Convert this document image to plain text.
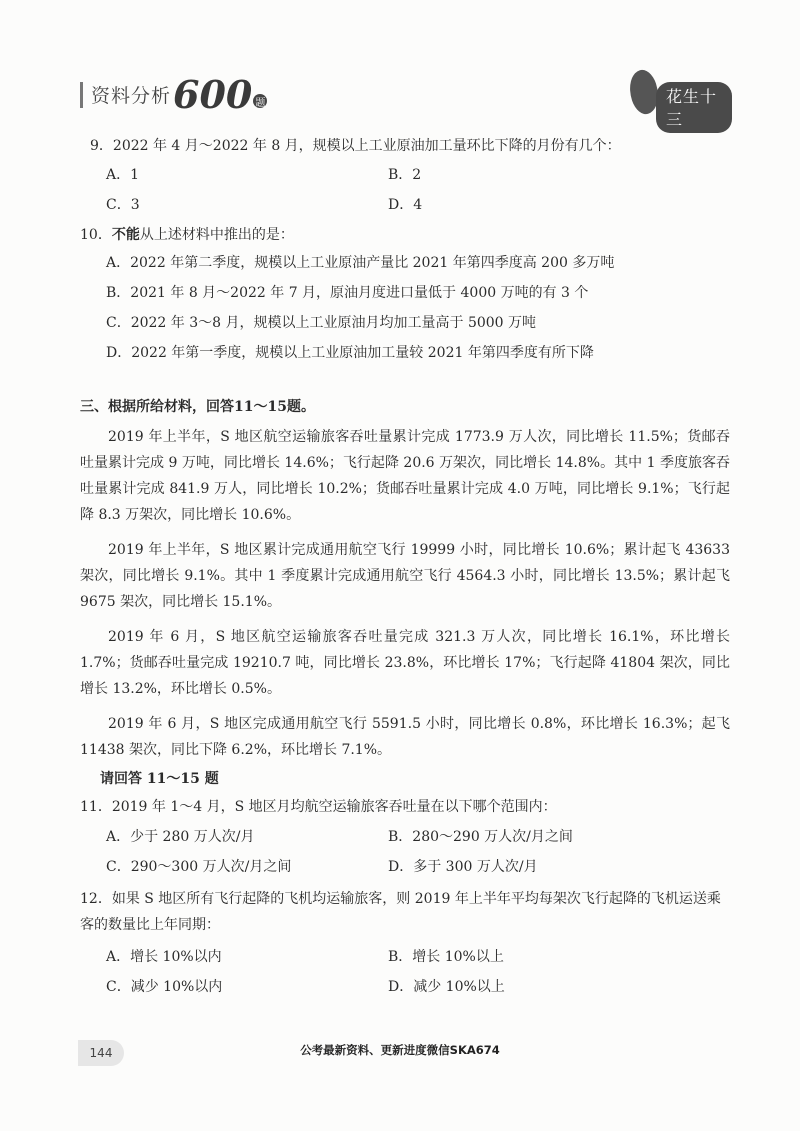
资料分析 600 题	花生十三

9．2022 年 4 月～2022 年 8 月，规模以上工业原油加工量环比下降的月份有几个：

A．1	B．2
C．3	D．4

10．不能从上述材料中推出的是：

A．2022 年第二季度，规模以上工业原油产量比 2021 年第四季度高 200 多万吨
B．2021 年 8 月～2022 年 7 月，原油月度进口量低于 4000 万吨的有 3 个
C．2022 年 3～8 月，规模以上工业原油月均加工量高于 5000 万吨
D．2022 年第一季度，规模以上工业原油加工量较 2021 年第四季度有所下降

三、根据所给材料，回答11～15题。

2019 年上半年，S 地区航空运输旅客吞吐量累计完成 1773.9 万人次，同比增长 11.5%；货邮吞吐量累计完成 9 万吨，同比增长 14.6%；飞行起降 20.6 万架次，同比增长 14.8%。其中 1 季度旅客吞吐量累计完成 841.9 万人，同比增长 10.2%；货邮吞吐量累计完成 4.0 万吨，同比增长 9.1%；飞行起降 8.3 万架次，同比增长 10.6%。

2019 年上半年，S 地区累计完成通用航空飞行 19999 小时，同比增长 10.6%；累计起飞 43633 架次，同比增长 9.1%。其中 1 季度累计完成通用航空飞行 4564.3 小时，同比增长 13.5%；累计起飞 9675 架次，同比增长 15.1%。

2019 年 6 月，S 地区航空运输旅客吞吐量完成 321.3 万人次，同比增长 16.1%，环比增长 1.7%；货邮吞吐量完成 19210.7 吨，同比增长 23.8%，环比增长 17%；飞行起降 41804 架次，同比增长 13.2%，环比增长 0.5%。

2019 年 6 月，S 地区完成通用航空飞行 5591.5 小时，同比增长 0.8%，环比增长 16.3%；起飞 11438 架次，同比下降 6.2%，环比增长 7.1%。

请回答 11～15 题

11．2019 年 1～4 月，S 地区月均航空运输旅客吞吐量在以下哪个范围内：

A．少于 280 万人次/月	B．280～290 万人次/月之间
C．290～300 万人次/月之间	D．多于 300 万人次/月

12．如果 S 地区所有飞行起降的飞机均运输旅客，则 2019 年上半年平均每架次飞行起降的飞机运送乘客的数量比上年同期：

A．增长 10%以内	B．增长 10%以上
C．减少 10%以内	D．减少 10%以上
公考最新资料、更新进度微信SKA674
144
